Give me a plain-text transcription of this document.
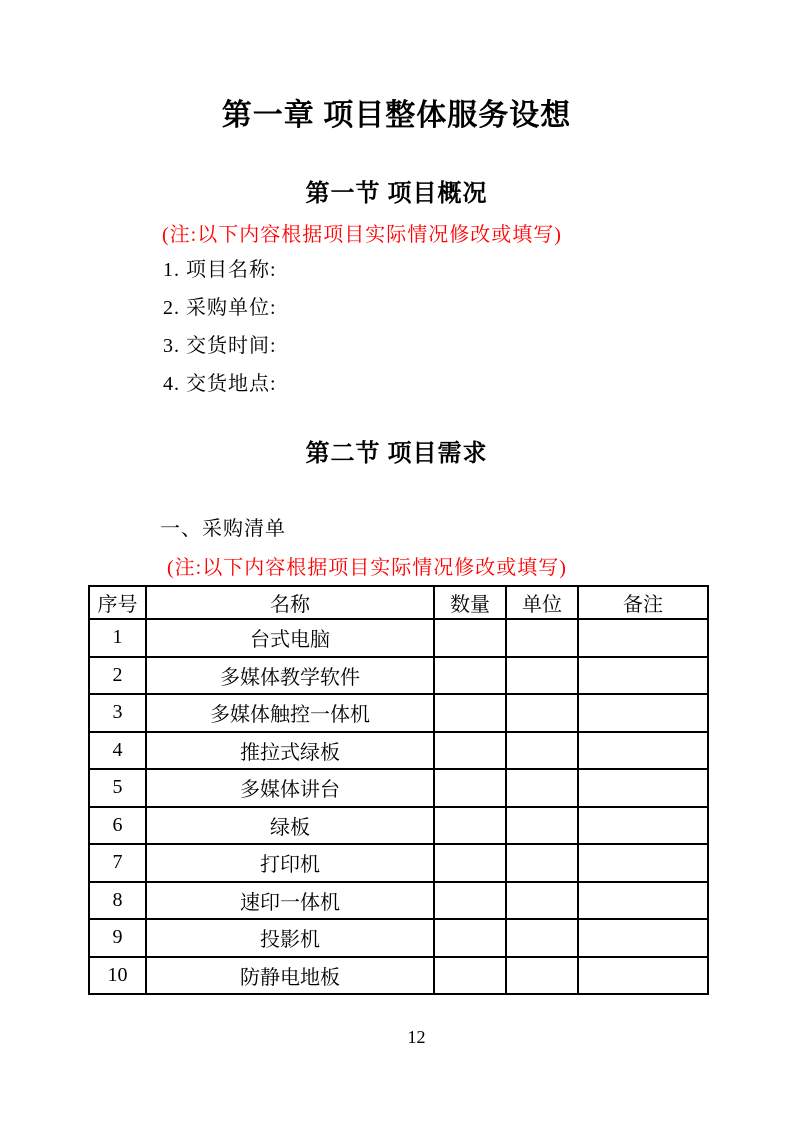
第一章 项目整体服务设想
第一节 项目概况
(注:以下内容根据项目实际情况修改或填写)
1. 项目名称:
2. 采购单位:
3. 交货时间:
4. 交货地点:
第二节 项目需求
一、采购清单
(注:以下内容根据项目实际情况修改或填写)
序号	名称	数量	单位	备注
1	台式电脑			
2	多媒体教学软件			
3	多媒体触控一体机			
4	推拉式绿板			
5	多媒体讲台			
6	绿板			
7	打印机			
8	速印一体机			
9	投影机			
10	防静电地板			
12
